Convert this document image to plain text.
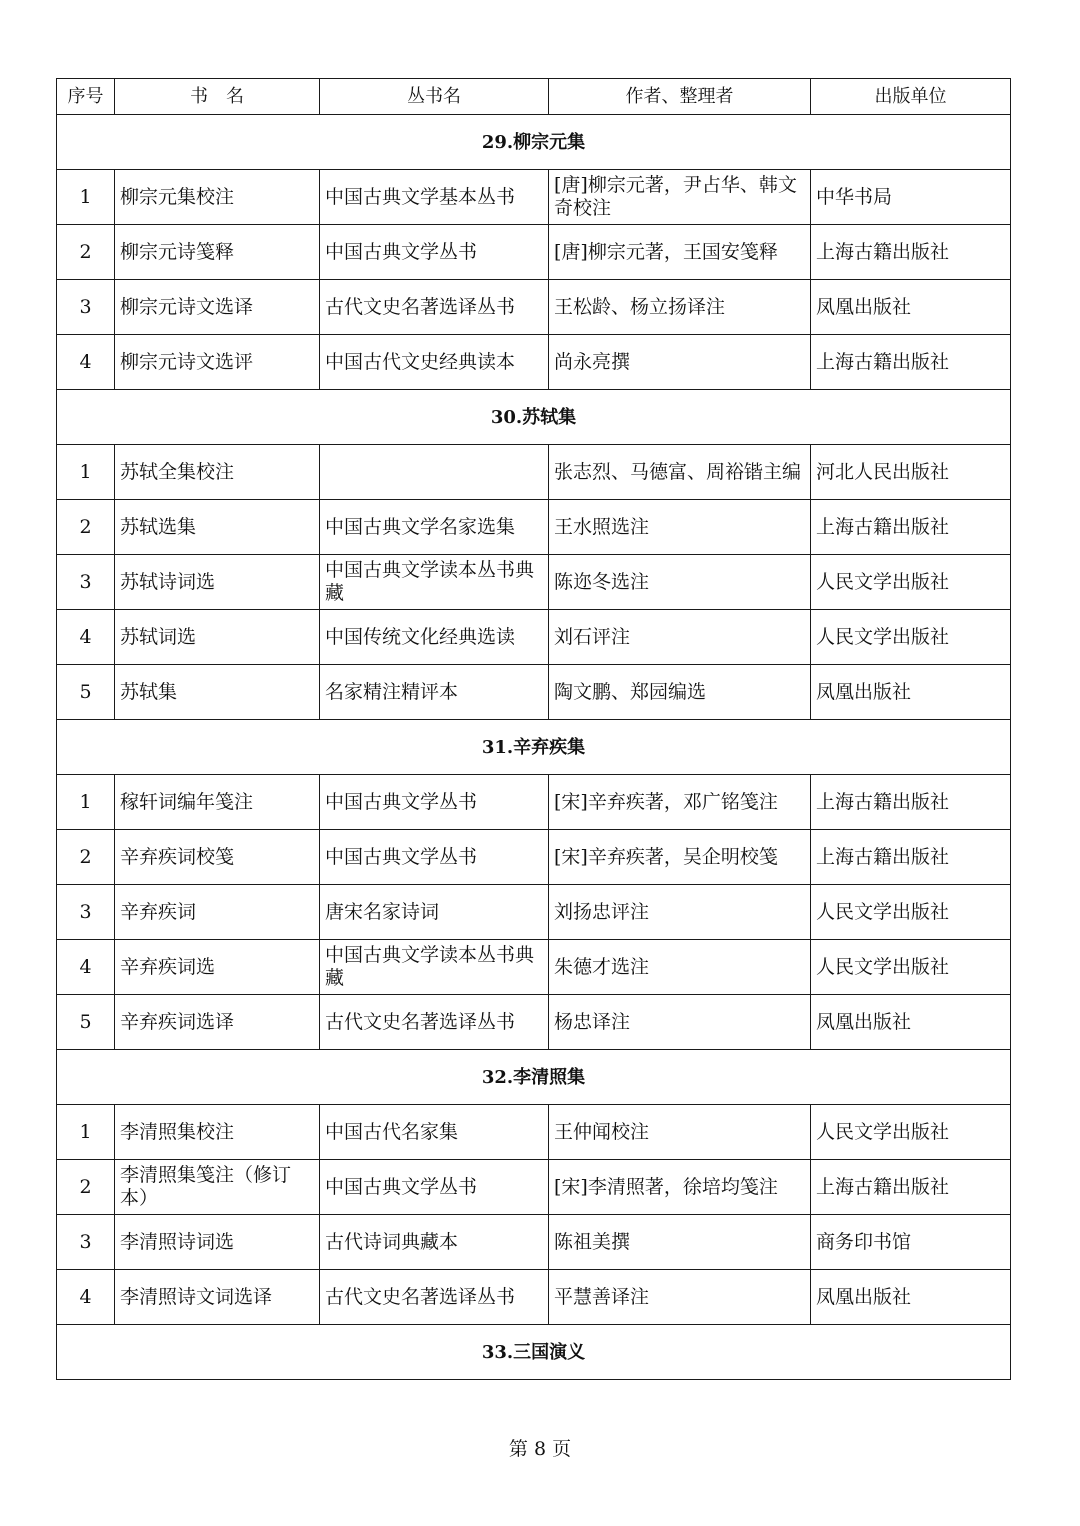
序号	书　名	丛书名	作者、整理者	出版单位
29.柳宗元集				
1	柳宗元集校注	中国古典文学基本丛书	[唐]柳宗元著，尹占华、韩文奇校注	中华书局
2	柳宗元诗笺释	中国古典文学丛书	[唐]柳宗元著，王国安笺释	上海古籍出版社
3	柳宗元诗文选译	古代文史名著选译丛书	王松龄、杨立扬译注	凤凰出版社
4	柳宗元诗文选评	中国古代文史经典读本	尚永亮撰	上海古籍出版社
30.苏轼集				
1	苏轼全集校注		张志烈、马德富、周裕锴主编	河北人民出版社
2	苏轼选集	中国古典文学名家选集	王水照选注	上海古籍出版社
3	苏轼诗词选	中国古典文学读本丛书典藏	陈迩冬选注	人民文学出版社
4	苏轼词选	中国传统文化经典选读	刘石评注	人民文学出版社
5	苏轼集	名家精注精评本	陶文鹏、郑园编选	凤凰出版社
31.辛弃疾集				
1	稼轩词编年笺注	中国古典文学丛书	[宋]辛弃疾著，邓广铭笺注	上海古籍出版社
2	辛弃疾词校笺	中国古典文学丛书	[宋]辛弃疾著，吴企明校笺	上海古籍出版社
3	辛弃疾词	唐宋名家诗词	刘扬忠评注	人民文学出版社
4	辛弃疾词选	中国古典文学读本丛书典藏	朱德才选注	人民文学出版社
5	辛弃疾词选译	古代文史名著选译丛书	杨忠译注	凤凰出版社
32.李清照集				
1	李清照集校注	中国古代名家集	王仲闻校注	人民文学出版社
2	李清照集笺注（修订本）	中国古典文学丛书	[宋]李清照著，徐培均笺注	上海古籍出版社
3	李清照诗词选	古代诗词典藏本	陈祖美撰	商务印书馆
4	李清照诗文词选译	古代文史名著选译丛书	平慧善译注	凤凰出版社
33.三国演义				
第 8 页
